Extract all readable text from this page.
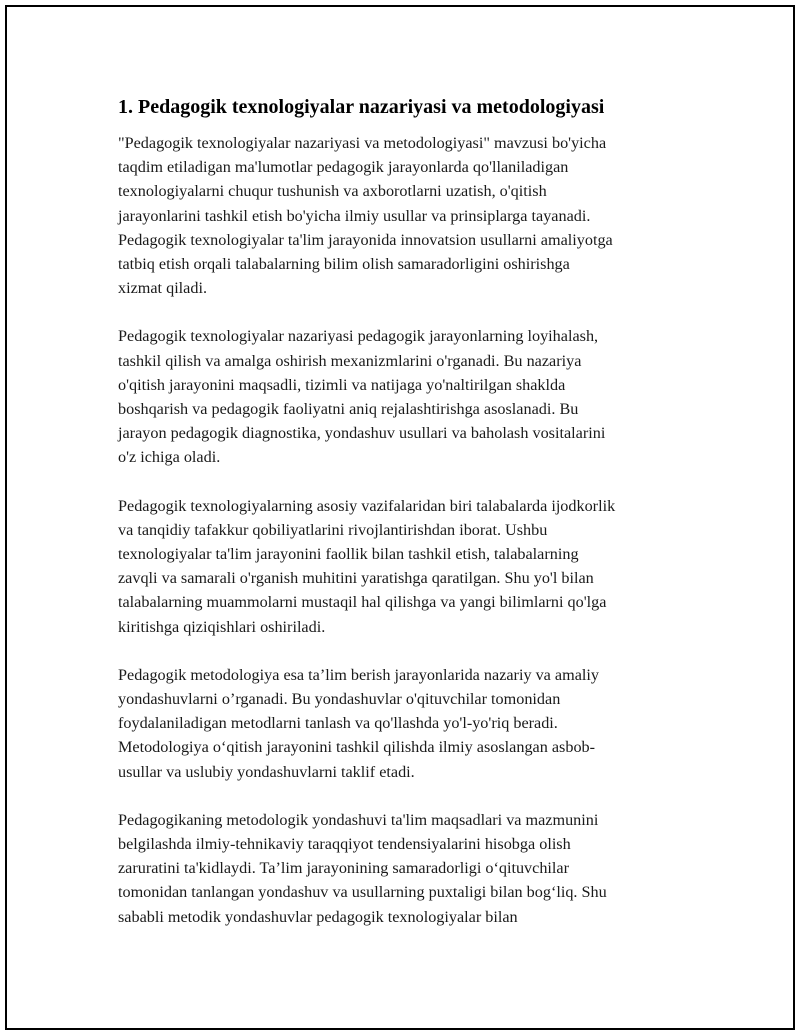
1. Pedagogik texnologiyalar nazariyasi va metodologiyasi
"Pedagogik texnologiyalar nazariyasi va metodologiyasi" mavzusi bo'yicha
taqdim etiladigan ma'lumotlar pedagogik jarayonlarda qo'llaniladigan
texnologiyalarni chuqur tushunish va axborotlarni uzatish, o'qitish
jarayonlarini tashkil etish bo'yicha ilmiy usullar va prinsiplarga tayanadi.
Pedagogik texnologiyalar ta'lim jarayonida innovatsion usullarni amaliyotga
tatbiq etish orqali talabalarning bilim olish samaradorligini oshirishga
xizmat qiladi.
Pedagogik texnologiyalar nazariyasi pedagogik jarayonlarning loyihalash,
tashkil qilish va amalga oshirish mexanizmlarini o'rganadi. Bu nazariya
o'qitish jarayonini maqsadli, tizimli va natijaga yo'naltirilgan shaklda
boshqarish va pedagogik faoliyatni aniq rejalashtirishga asoslanadi. Bu
jarayon pedagogik diagnostika, yondashuv usullari va baholash vositalarini
o'z ichiga oladi.
Pedagogik texnologiyalarning asosiy vazifalaridan biri talabalarda ijodkorlik
va tanqidiy tafakkur qobiliyatlarini rivojlantirishdan iborat. Ushbu
texnologiyalar ta'lim jarayonini faollik bilan tashkil etish, talabalarning
zavqli va samarali o'rganish muhitini yaratishga qaratilgan. Shu yo'l bilan
talabalarning muammolarni mustaqil hal qilishga va yangi bilimlarni qo'lga
kiritishga qiziqishlari oshiriladi.
Pedagogik metodologiya esa ta’lim berish jarayonlarida nazariy va amaliy
yondashuvlarni o’rganadi. Bu yondashuvlar o'qituvchilar tomonidan
foydalaniladigan metodlarni tanlash va qo'llashda yo'l-yo'riq beradi.
Metodologiya o‘qitish jarayonini tashkil qilishda ilmiy asoslangan asbob-
usullar va uslubiy yondashuvlarni taklif etadi.
Pedagogikaning metodologik yondashuvi ta'lim maqsadlari va mazmunini
belgilashda ilmiy-tehnikaviy taraqqiyot tendensiyalarini hisobga olish
zaruratini ta'kidlaydi. Ta’lim jarayonining samaradorligi o‘qituvchilar
tomonidan tanlangan yondashuv va usullarning puxtaligi bilan bog‘liq. Shu
sababli metodik yondashuvlar pedagogik texnologiyalar bilan
